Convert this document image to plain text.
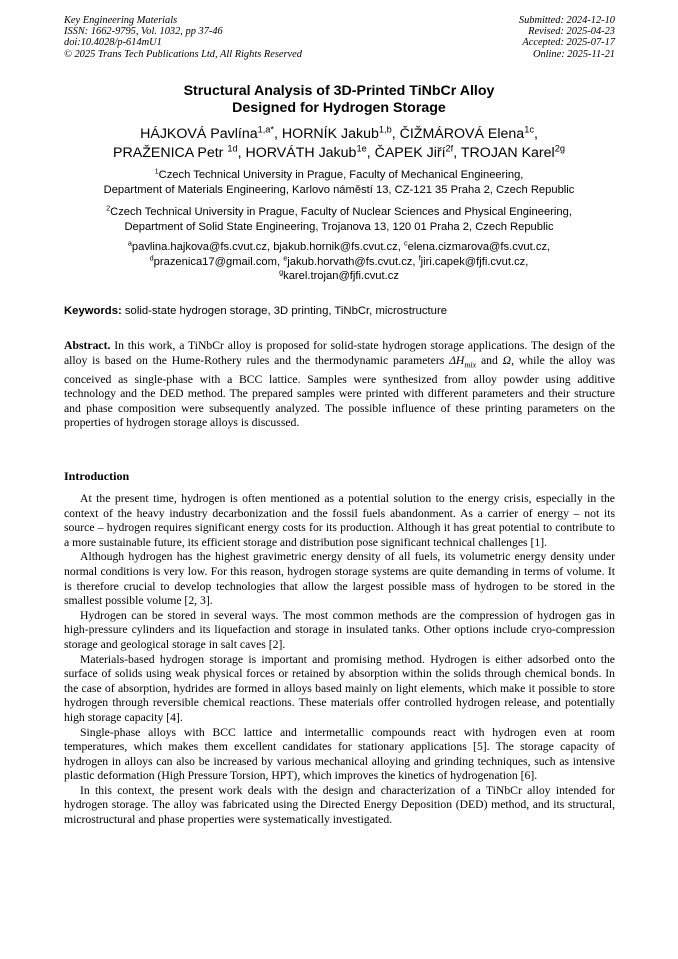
Key Engineering Materials
ISSN: 1662-9795, Vol. 1032, pp 37-46
doi:10.4028/p-614mU1
© 2025 Trans Tech Publications Ltd, All Rights Reserved
Submitted: 2024-12-10
Revised: 2025-04-23
Accepted: 2025-07-17
Online: 2025-11-21
Structural Analysis of 3D-Printed TiNbCr Alloy
Designed for Hydrogen Storage
HÁJKOVÁ Pavlína$^{1,a*}$, HORNÍK Jakub$^{1,b}$, ČIŽMÁROVÁ Elena$^{1c}$,
PRAŽENICA Petr $^{1d}$, HORVÁTH Jakub$^{1e}$, ČAPEK Jiří$^{2f}$, TROJAN Karel$^{2g}$
$^1$Czech Technical University in Prague, Faculty of Mechanical Engineering,
Department of Materials Engineering, Karlovo náměstí 13, CZ-121 35 Praha 2, Czech Republic
$^2$Czech Technical University in Prague, Faculty of Nuclear Sciences and Physical Engineering,
Department of Solid State Engineering, Trojanova 13, 120 01 Praha 2, Czech Republic
$^a$pavlina.hajkova@fs.cvut.cz, bjakub.hornik@fs.cvut.cz, $^c$elena.cizmarova@fs.cvut.cz,
$^d$prazenica17@gmail.com, $^e$jakub.horvath@fs.cvut.cz, $^f$jiri.capek@fjfi.cvut.cz,
$^g$karel.trojan@fjfi.cvut.cz
Keywords: solid-state hydrogen storage, 3D printing, TiNbCr, microstructure
Abstract. In this work, a TiNbCr alloy is proposed for solid-state hydrogen storage applications. The design of the alloy is based on the Hume-Rothery rules and the thermodynamic parameters $\Delta H_{mix}$ and Ω, while the alloy was conceived as single-phase with a BCC lattice. Samples were synthesized from alloy powder using additive technology and the DED method. The prepared samples were printed with different parameters and their structure and phase composition were subsequently analyzed. The possible influence of these printing parameters on the properties of hydrogen storage alloys is discussed.
Introduction

At the present time, hydrogen is often mentioned as a potential solution to the energy crisis, especially in the context of the heavy industry decarbonization and the fossil fuels abandonment. As a carrier of energy – not its source – hydrogen requires significant energy costs for its production. Although it has great potential to contribute to a more sustainable future, its efficient storage and distribution pose significant technical challenges [1].

Although hydrogen has the highest gravimetric energy density of all fuels, its volumetric energy density under normal conditions is very low. For this reason, hydrogen storage systems are quite demanding in terms of volume. It is therefore crucial to develop technologies that allow the largest possible mass of hydrogen to be stored in the smallest possible volume [2, 3].

Hydrogen can be stored in several ways. The most common methods are the compression of hydrogen gas in high-pressure cylinders and its liquefaction and storage in insulated tanks. Other options include cryo-compression storage and geological storage in salt caves [2].

Materials-based hydrogen storage is important and promising method. Hydrogen is either adsorbed onto the surface of solids using weak physical forces or retained by absorption within the solids through chemical bonds. In the case of absorption, hydrides are formed in alloys based mainly on light elements, which make it possible to store hydrogen through reversible chemical reactions. These materials offer controlled hydrogen release, and potentially high storage capacity [4].

Single-phase alloys with BCC lattice and intermetallic compounds react with hydrogen even at room temperatures, which makes them excellent candidates for stationary applications [5]. The storage capacity of hydrogen in alloys can also be increased by various mechanical alloying and grinding techniques, such as intensive plastic deformation (High Pressure Torsion, HPT), which improves the kinetics of hydrogenation [6].

In this context, the present work deals with the design and characterization of a TiNbCr alloy intended for hydrogen storage. The alloy was fabricated using the Directed Energy Deposition (DED) method, and its structural, microstructural and phase properties were systematically investigated.
